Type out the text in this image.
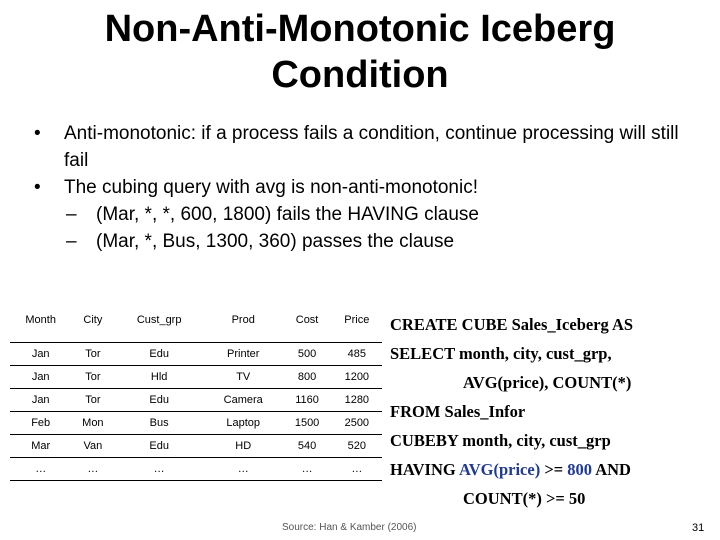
Non-Anti-Monotonic Iceberg
Condition
• Anti-monotonic: if a process fails a condition, continue processing will still fail
• The cubing query with avg is non-anti-monotonic!
– (Mar, *, *, 600, 1800) fails the HAVING clause
– (Mar, *, Bus, 1300, 360) passes the clause
Month	City	Cust_grp	Prod	Cost	Price
Jan	Tor	Edu	Printer	500	485
Jan	Tor	Hld	TV	800	1200
Jan	Tor	Edu	Camera	1160	1280
Feb	Mon	Bus	Laptop	1500	2500
Mar	Van	Edu	HD	540	520
…	…	…	…	…	…
CREATE CUBE Sales_Iceberg AS
SELECT month, city, cust_grp,
AVG(price), COUNT(*)
FROM Sales_Infor
CUBEBY month, city, cust_grp
HAVING AVG(price) >= 800 AND
COUNT(*) >= 50
Source: Han & Kamber (2006)	31
